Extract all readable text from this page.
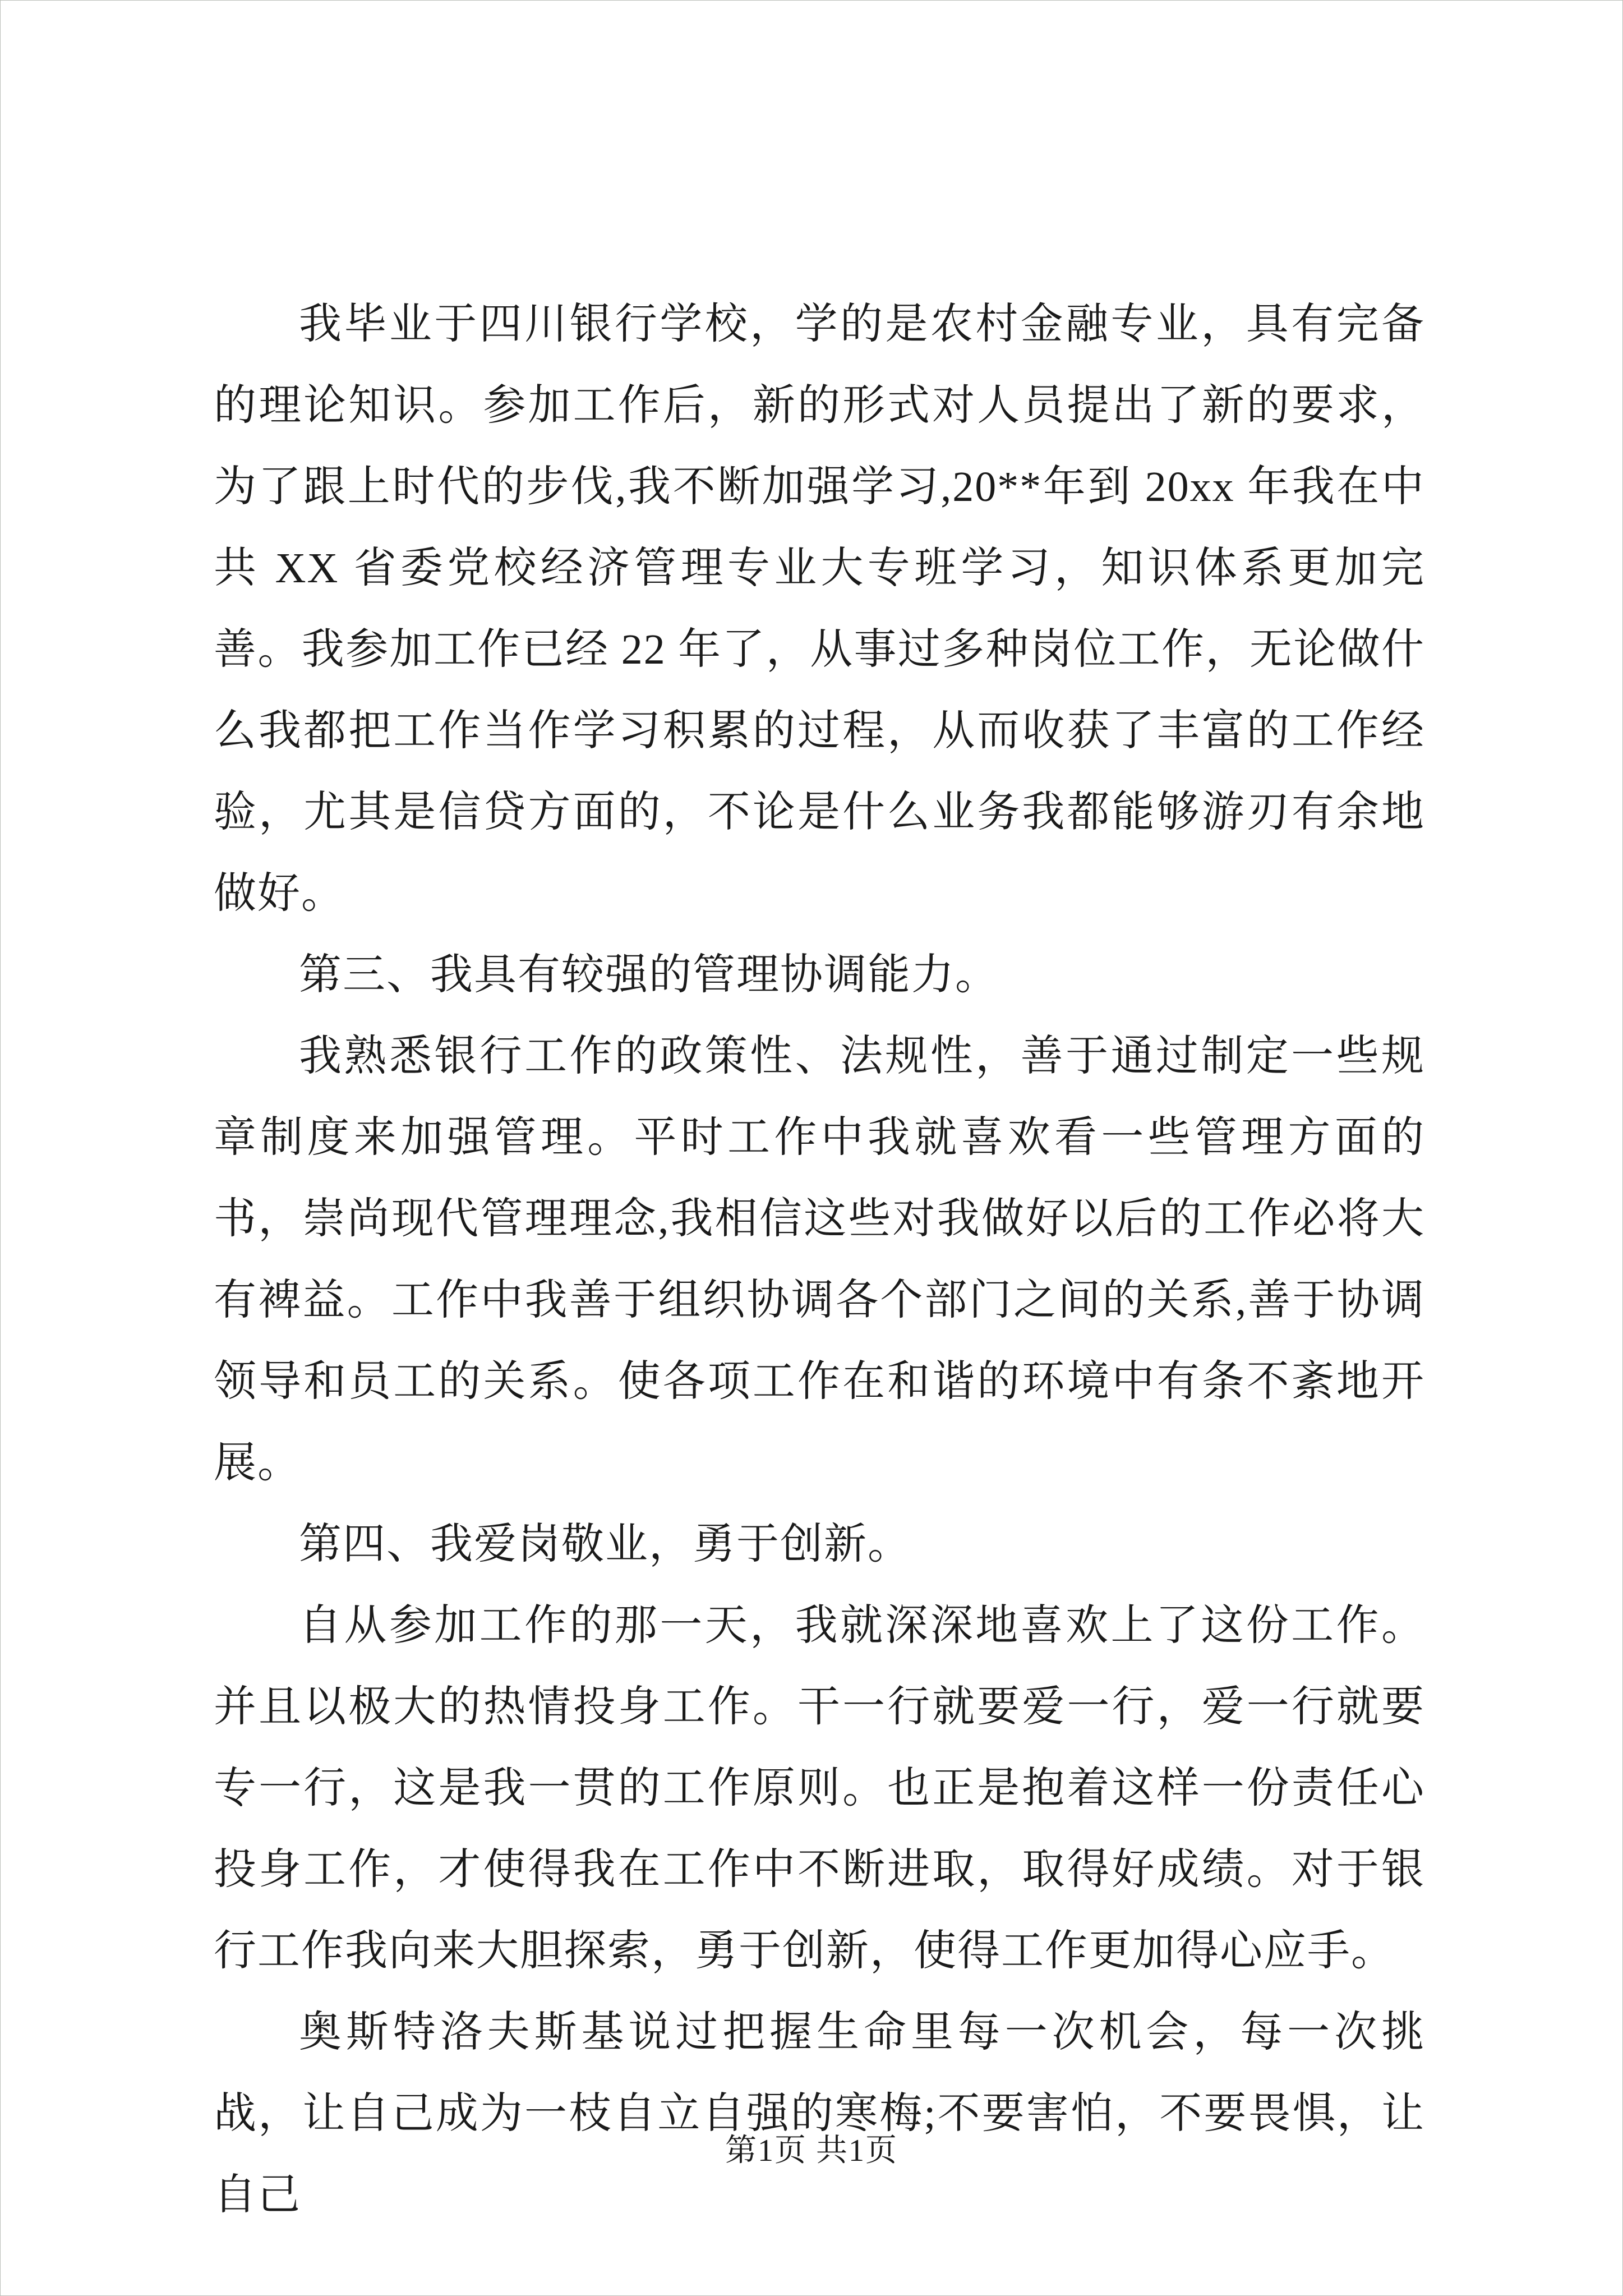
我毕业于四川银行学校，学的是农村金融专业，具有完备的理论知识。参加工作后，新的形式对人员提出了新的要求，为了跟上时代的步伐,我不断加强学习,20**年到 20xx 年我在中共 XX 省委党校经济管理专业大专班学习，知识体系更加完善。我参加工作已经 22 年了，从事过多种岗位工作，无论做什么我都把工作当作学习积累的过程，从而收获了丰富的工作经验，尤其是信贷方面的，不论是什么业务我都能够游刃有余地做好。

第三、我具有较强的管理协调能力。

我熟悉银行工作的政策性、法规性，善于通过制定一些规章制度来加强管理。平时工作中我就喜欢看一些管理方面的书，崇尚现代管理理念,我相信这些对我做好以后的工作必将大有裨益。工作中我善于组织协调各个部门之间的关系,善于协调领导和员工的关系。使各项工作在和谐的环境中有条不紊地开展。

第四、我爱岗敬业，勇于创新。

自从参加工作的那一天，我就深深地喜欢上了这份工作。并且以极大的热情投身工作。干一行就要爱一行，爱一行就要专一行，这是我一贯的工作原则。也正是抱着这样一份责任心投身工作，才使得我在工作中不断进取，取得好成绩。对于银行工作我向来大胆探索，勇于创新，使得工作更加得心应手。

奥斯特洛夫斯基说过把握生命里每一次机会，每一次挑战，让自己成为一枝自立自强的寒梅;不要害怕，不要畏惧，让自己

第1页 共1页
